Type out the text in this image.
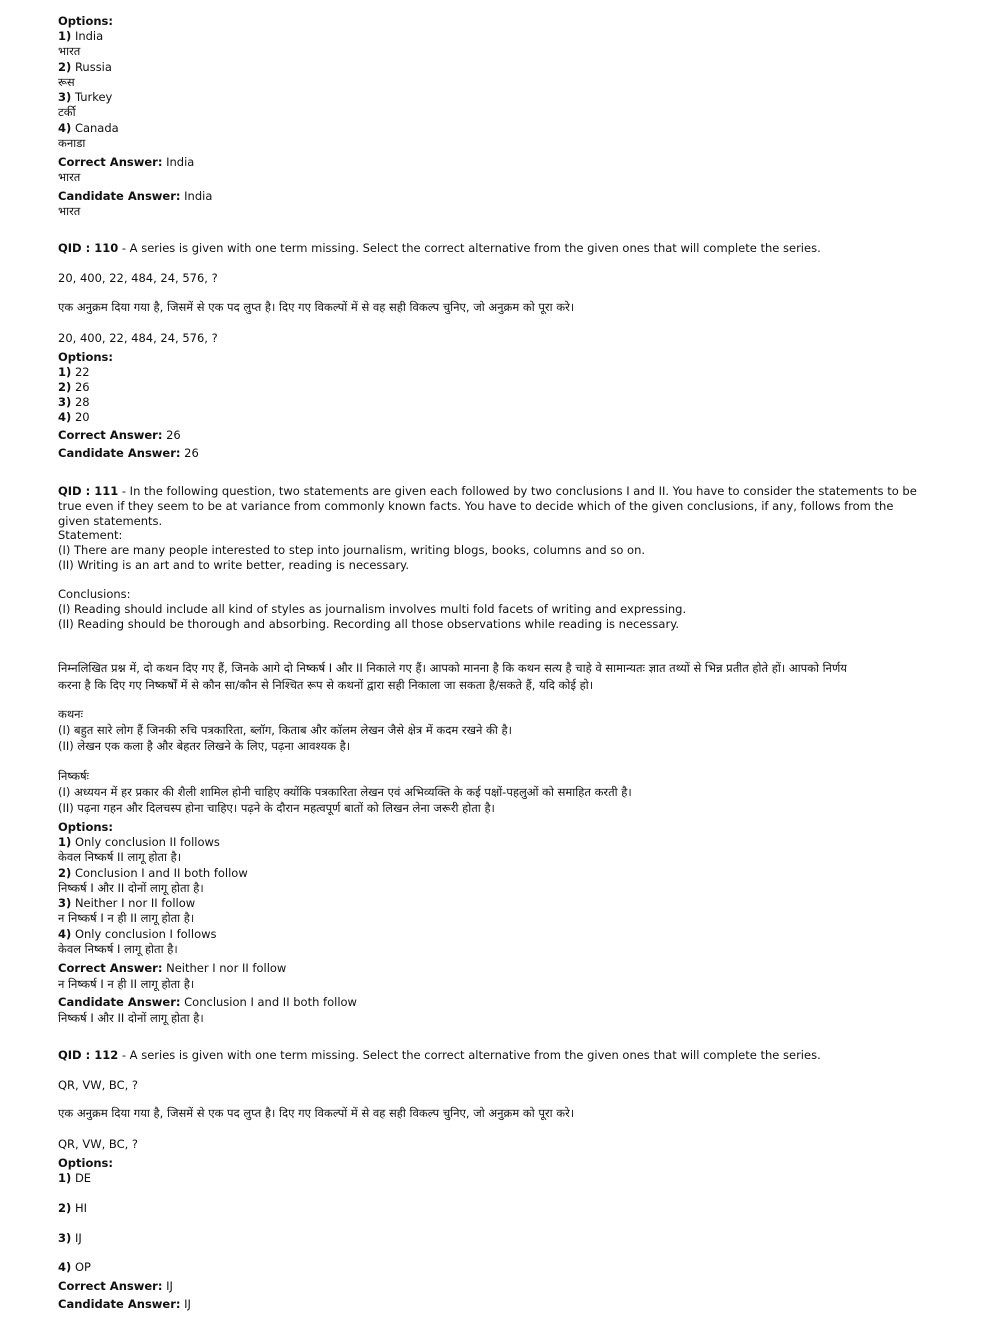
Options:
1) India
भारत
2) Russia
रूस
3) Turkey
टर्की
4) Canada
कनाडा
Correct Answer: India
भारत
Candidate Answer: India
भारत
QID : 110 - A series is given with one term missing. Select the correct alternative from the given ones that will complete the series.
20, 400, 22, 484, 24, 576, ?
एक अनुक्रम दिया गया है, जिसमें से एक पद लुप्त है। दिए गए विकल्पों में से वह सही विकल्प चुनिए, जो अनुक्रम को पूरा करे।
20, 400, 22, 484, 24, 576, ?
Options:
1) 22
2) 26
3) 28
4) 20
Correct Answer: 26
Candidate Answer: 26
QID : 111 - In the following question, two statements are given each followed by two conclusions I and II. You have to consider the statements to be true even if they seem to be at variance from commonly known facts. You have to decide which of the given conclusions, if any, follows from the given statements.
Statement:
(I) There are many people interested to step into journalism, writing blogs, books, columns and so on.
(II) Writing is an art and to write better, reading is necessary.
Conclusions:
(I) Reading should include all kind of styles as journalism involves multi fold facets of writing and expressing.
(II) Reading should be thorough and absorbing. Recording all those observations while reading is necessary.
निम्नलिखित प्रश्न में, दो कथन दिए गए हैं, जिनके आगे दो निष्कर्ष I और II निकाले गए हैं। आपको मानना है कि कथन सत्य है चाहे वे सामान्यतः ज्ञात तथ्यों से भिन्न प्रतीत होते हों। आपको निर्णय
करना है कि दिए गए निष्कर्षों में से कौन सा/कौन से निश्चित रूप से कथनों द्वारा सही निकाला जा सकता है/सकते हैं, यदि कोई हो।
कथनः
(I) बहुत सारे लोग हैं जिनकी रुचि पत्रकारिता, ब्लॉग, किताब और कॉलम लेखन जैसे क्षेत्र में कदम रखने की है।
(II) लेखन एक कला है और बेहतर लिखने के लिए, पढ़ना आवश्यक है।
निष्कर्षः
(I) अध्ययन में हर प्रकार की शैली शामिल होनी चाहिए क्योंकि पत्रकारिता लेखन एवं अभिव्यक्ति के कई पक्षों-पहलुओं को समाहित करती है।
(II) पढ़ना गहन और दिलचस्प होना चाहिए। पढ़ने के दौरान महत्वपूर्ण बातों को लिखन लेना जरूरी होता है।
Options:
1) Only conclusion II follows
केवल निष्कर्ष II लागू होता है।
2) Conclusion I and II both follow
निष्कर्ष I और II दोनों लागू होता है।
3) Neither I nor II follow
न निष्कर्ष I न ही II लागू होता है।
4) Only conclusion I follows
केवल निष्कर्ष I लागू होता है।
Correct Answer: Neither I nor II follow
न निष्कर्ष I न ही II लागू होता है।
Candidate Answer: Conclusion I and II both follow
निष्कर्ष I और II दोनों लागू होता है।
QID : 112 - A series is given with one term missing. Select the correct alternative from the given ones that will complete the series.
QR, VW, BC, ?
एक अनुक्रम दिया गया है, जिसमें से एक पद लुप्त है। दिए गए विकल्पों में से वह सही विकल्प चुनिए, जो अनुक्रम को पूरा करे।
QR, VW, BC, ?
Options:
1) DE
2) HI
3) IJ
4) OP
Correct Answer: IJ
Candidate Answer: IJ
